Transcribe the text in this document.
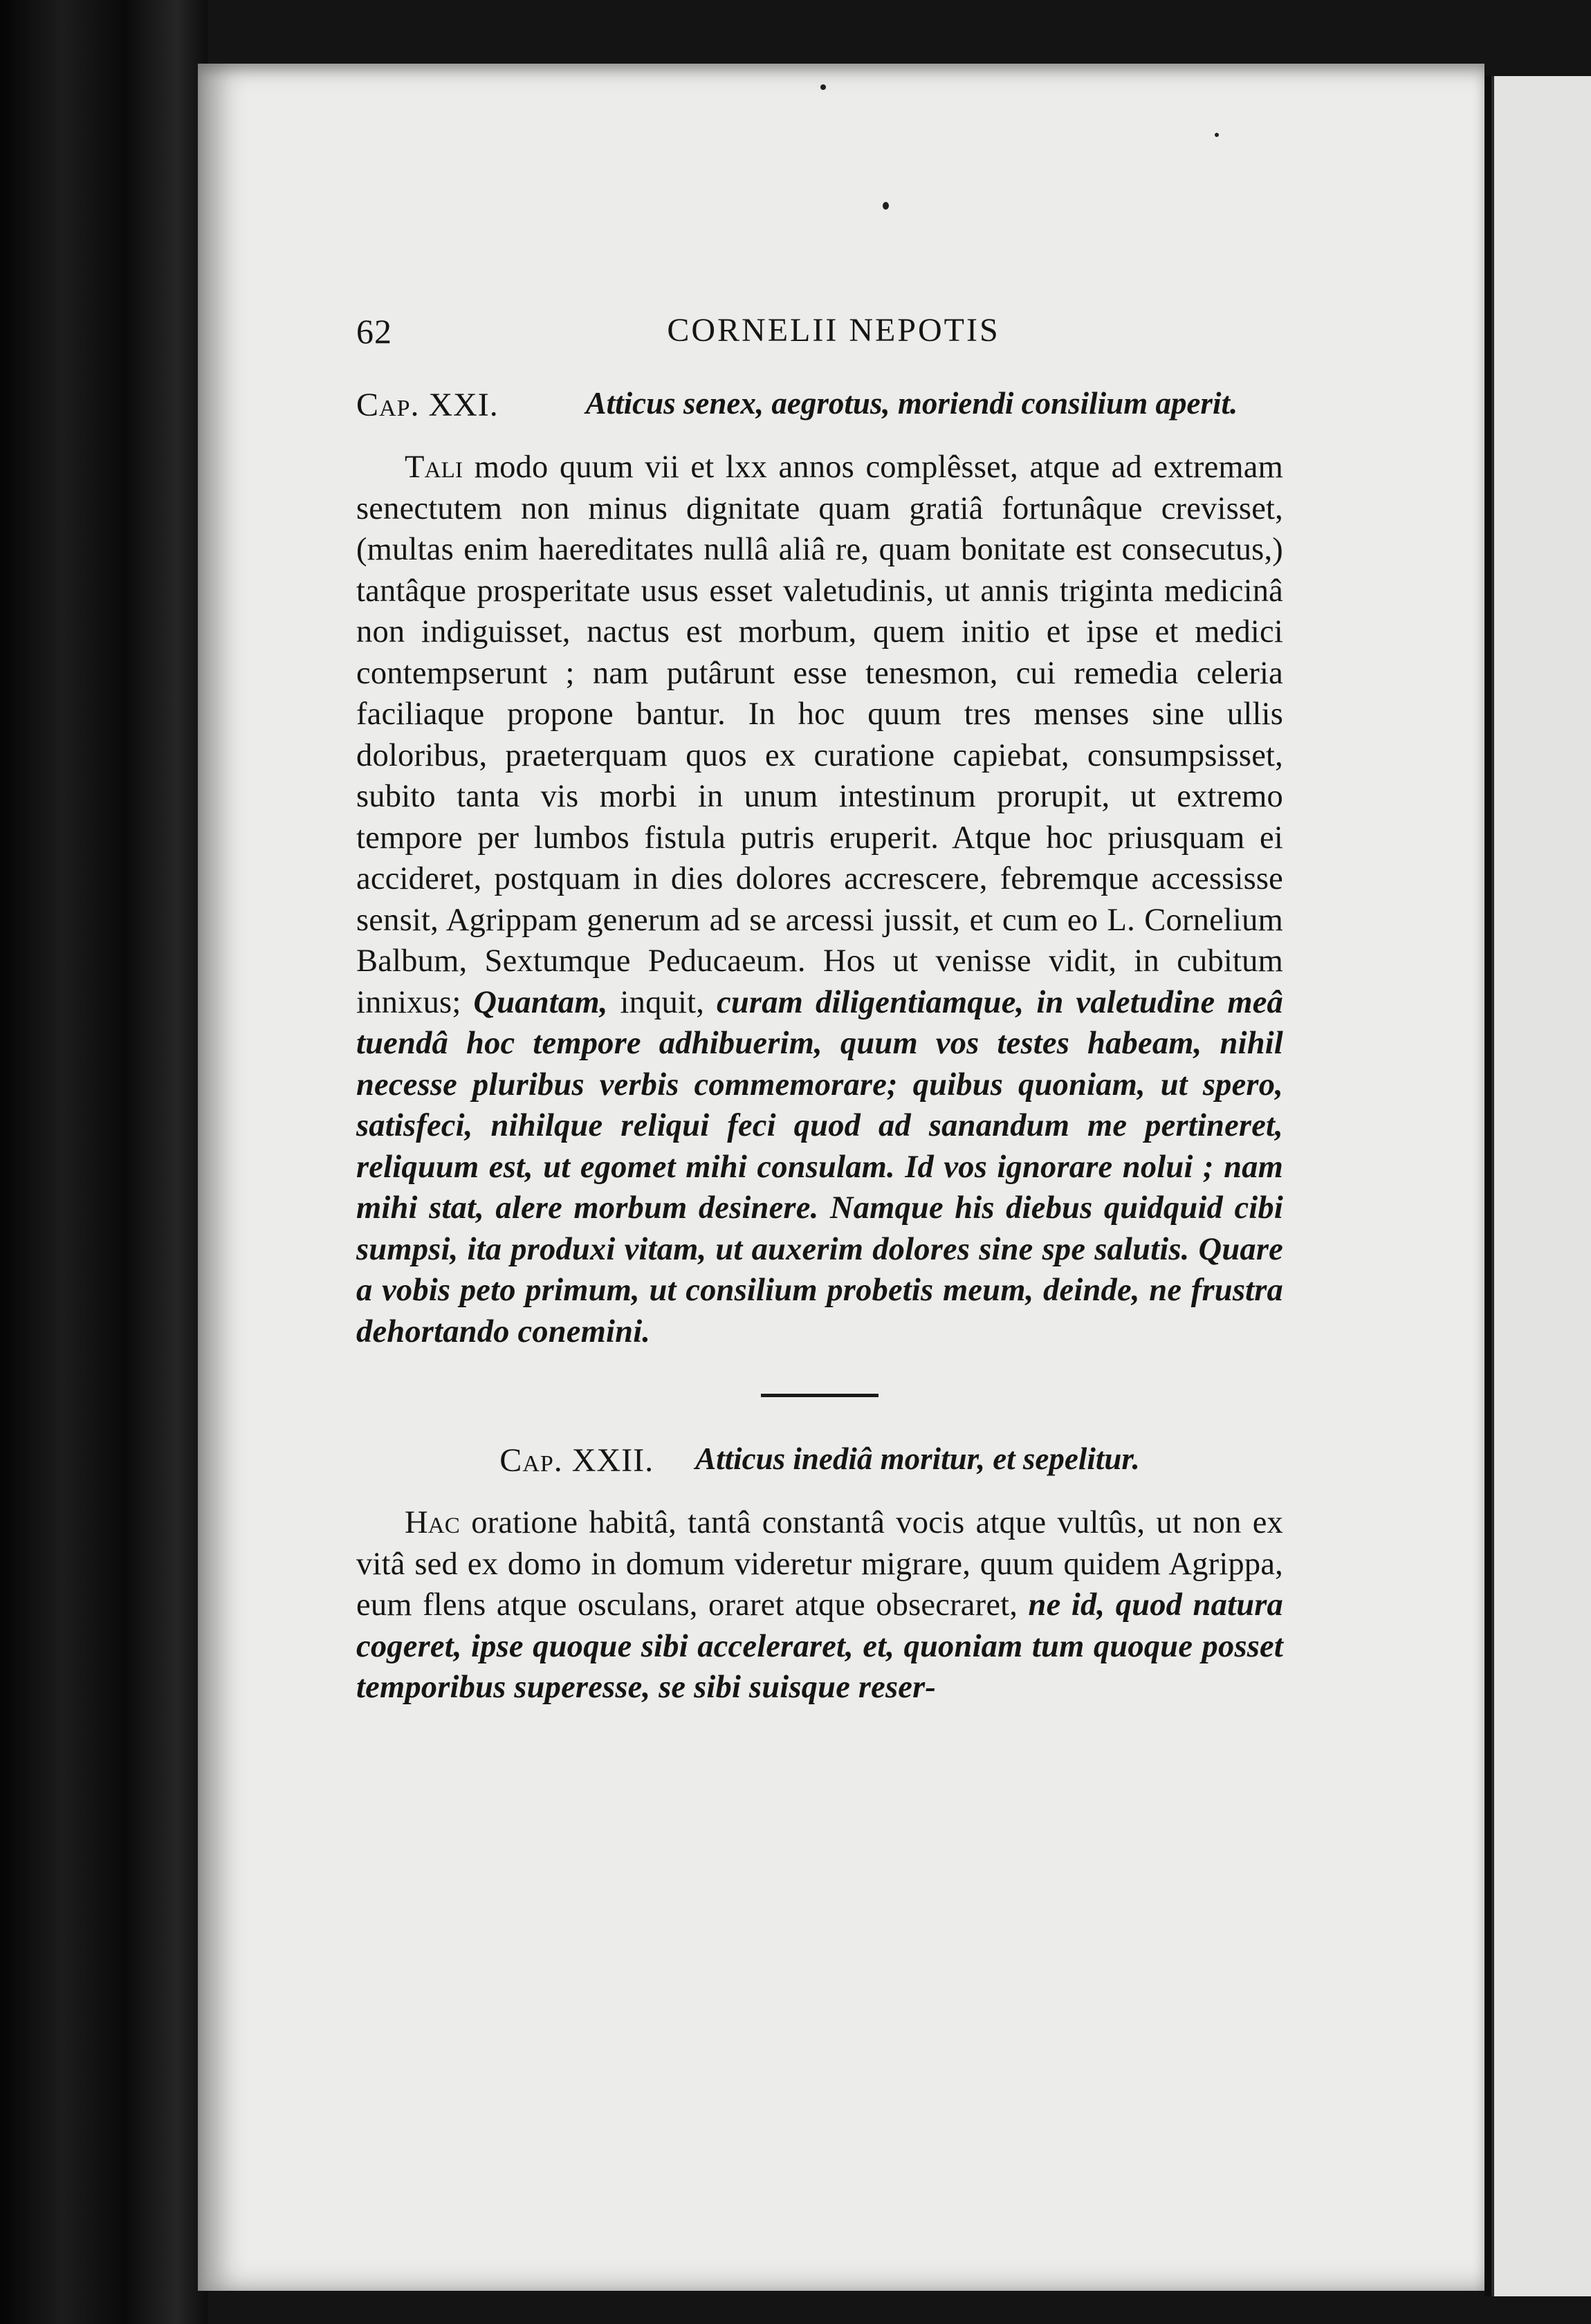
62	CORNELII NEPOTIS
Cap. XXI.	Atticus senex, aegrotus, moriendi consilium aperit.

Tali modo quum vii et lxx annos complêsset, atque ad extremam senectutem non minus dignitate quam gratiâ fortunâque crevisset, (multas enim haereditates nullâ aliâ re, quam bonitate est consecutus,) tantâque prosperitate usus esset valetudinis, ut annis triginta medicinâ non indiguisset, nactus est morbum, quem initio et ipse et medici contempserunt ; nam putârunt esse tenesmon, cui remedia celeria faciliaque propone bantur. In hoc quum tres menses sine ullis doloribus, praeterquam quos ex curatione capiebat, consumpsisset, subito tanta vis morbi in unum intestinum prorupit, ut extremo tempore per lumbos fistula putris eruperit. Atque hoc priusquam ei accideret, postquam in dies dolores accrescere, febremque accessisse sensit, Agrippam generum ad se arcessi jussit, et cum eo L. Cornelium Balbum, Sextumque Peducaeum. Hos ut venisse vidit, in cubitum innixus; Quantam, inquit, curam diligentiamque, in valetudine meâ tuendâ hoc tempore adhibuerim, quum vos testes habeam, nihil necesse pluribus verbis commemorare; quibus quoniam, ut spero, satisfeci, nihilque reliqui feci quod ad sanandum me pertineret, reliquum est, ut egomet mihi consulam. Id vos ignorare nolui ; nam mihi stat, alere morbum desinere. Namque his diebus quidquid cibi sumpsi, ita produxi vitam, ut auxerim dolores sine spe salutis. Quare a vobis peto primum, ut consilium probetis meum, deinde, ne frustra dehortando conemini.

Cap. XXII. Atticus inediâ moritur, et sepelitur.

Hac oratione habitâ, tantâ constantâ vocis atque vultûs, ut non ex vitâ sed ex domo in domum videretur migrare, quum quidem Agrippa, eum flens atque osculans, oraret atque obsecraret, ne id, quod natura cogeret, ipse quoque sibi acceleraret, et, quoniam tum quoque posset temporibus superesse, se sibi suisque reser-
